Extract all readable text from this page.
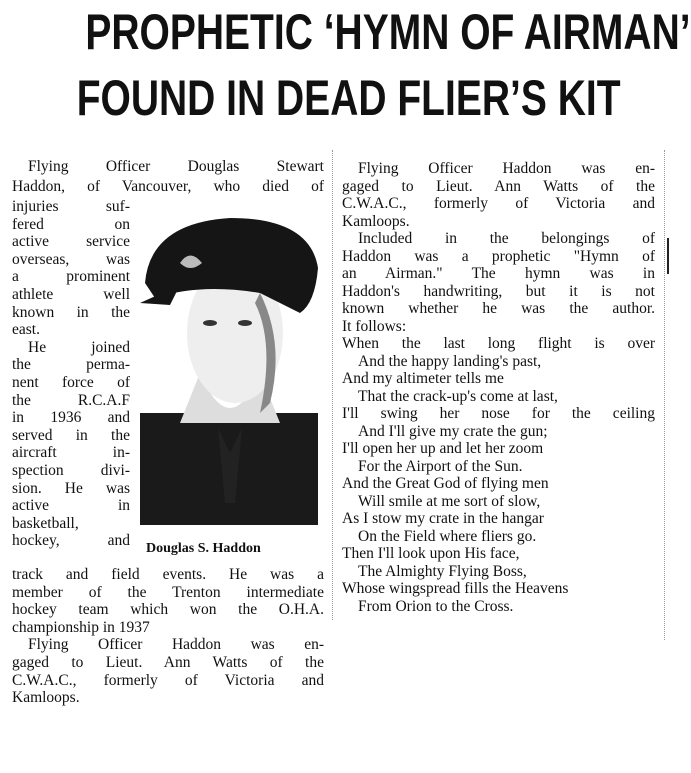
PROPHETIC ‘HYMN OF AIRMAN’
FOUND IN DEAD FLIER’S KIT
Flying Officer Douglas Stewart
Haddon, of Vancouver, who died of
injuries suf-
fered on
active service
overseas, was
a prominent
athlete well
known in the
east.
He joined
the perma-
nent force of
the R.C.A.F
in 1936 and
served in the
aircraft in-
spection divi-
sion. He was
active in
basketball,
hockey, and
track and field events. He was a
member of the Trenton intermediate
hockey team which won the O.H.A.
championship in 1937
Flying Officer Haddon was en-
gaged to Lieut. Ann Watts of the
C.W.A.C., formerly of Victoria and
Kamloops.
Flying Officer Haddon was en-
gaged to Lieut. Ann Watts of the
C.W.A.C., formerly of Victoria and
Kamloops.
Included in the belongings of
Haddon was a prophetic "Hymn of
an Airman." The hymn was in
Haddon's handwriting, but it is not
known whether he was the author.
It follows:
When the last long flight is over
And the happy landing's past,
And my altimeter tells me
That the crack-up's come at last,
I'll swing her nose for the ceiling
And I'll give my crate the gun;
I'll open her up and let her zoom
For the Airport of the Sun.
And the Great God of flying men
Will smile at me sort of slow,
As I stow my crate in the hangar
On the Field where fliers go.
Then I'll look upon His face,
The Almighty Flying Boss,
Whose wingspread fills the Heavens
From Orion to the Cross.
Douglas S. Haddon
